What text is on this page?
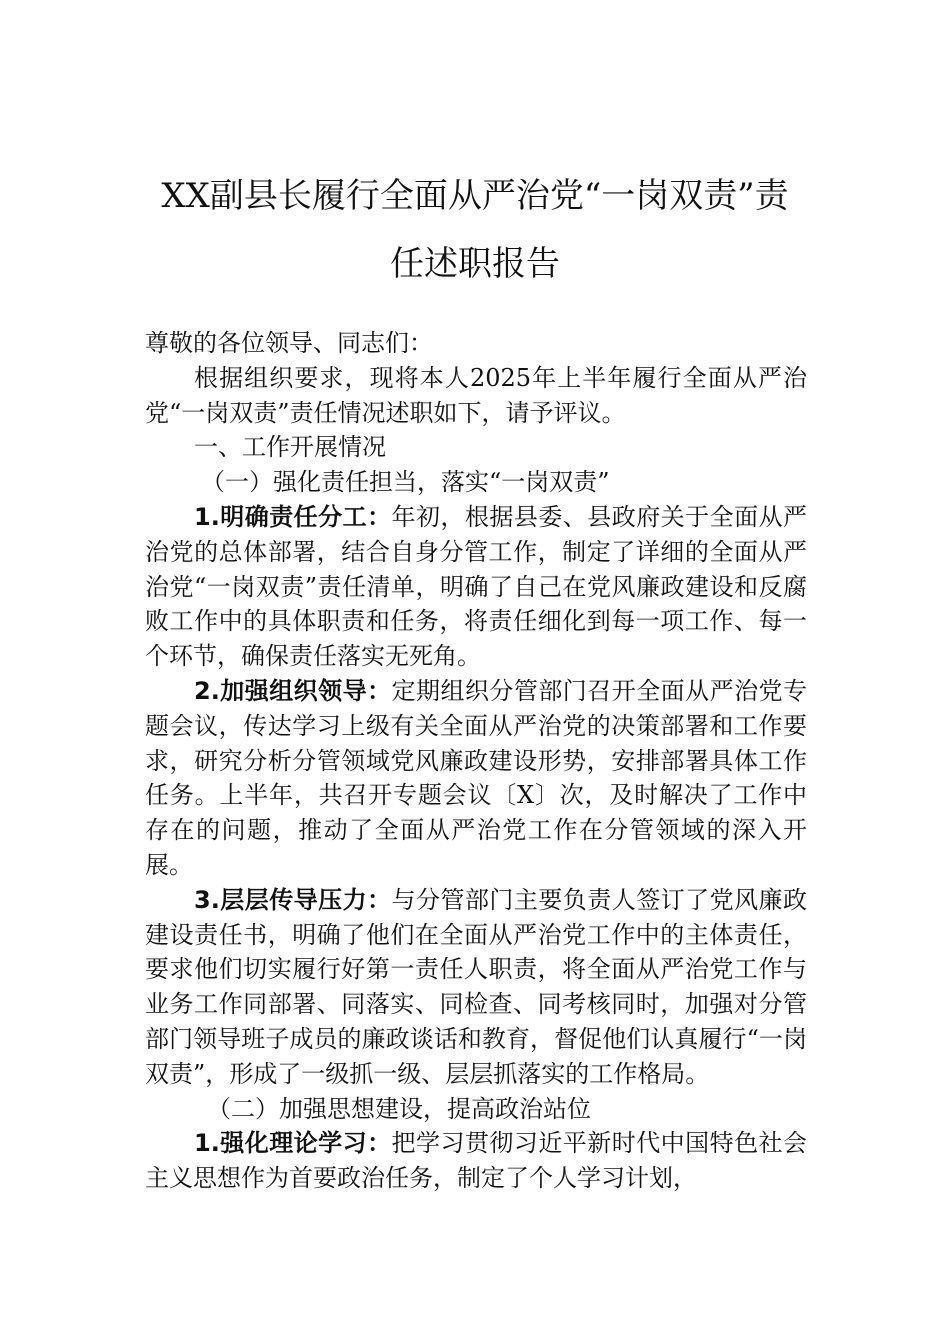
XX副县长履行全面从严治党“一岗双责”责
任述职报告

尊敬的各位领导、同志们：

根据组织要求，现将本人2025年上半年履行全面从严治党“一岗双责”责任情况述职如下，请予评议。

一、工作开展情况

（一）强化责任担当，落实“一岗双责”

1.明确责任分工：年初，根据县委、县政府关于全面从严治党的总体部署，结合自身分管工作，制定了详细的全面从严治党“一岗双责”责任清单，明确了自己在党风廉政建设和反腐败工作中的具体职责和任务，将责任细化到每一项工作、每一个环节，确保责任落实无死角。

2.加强组织领导：定期组织分管部门召开全面从严治党专题会议，传达学习上级有关全面从严治党的决策部署和工作要求，研究分析分管领域党风廉政建设形势，安排部署具体工作任务。上半年，共召开专题会议〔X〕次，及时解决了工作中存在的问题，推动了全面从严治党工作在分管领域的深入开展。

3.层层传导压力：与分管部门主要负责人签订了党风廉政建设责任书，明确了他们在全面从严治党工作中的主体责任，要求他们切实履行好第一责任人职责，将全面从严治党工作与业务工作同部署、同落实、同检查、同考核同时，加强对分管部门领导班子成员的廉政谈话和教育，督促他们认真履行“一岗双责”，形成了一级抓一级、层层抓落实的工作格局。

（二）加强思想建设，提高政治站位

1.强化理论学习：把学习贯彻习近平新时代中国特色社会主义思想作为首要政治任务，制定了个人学习计划，
